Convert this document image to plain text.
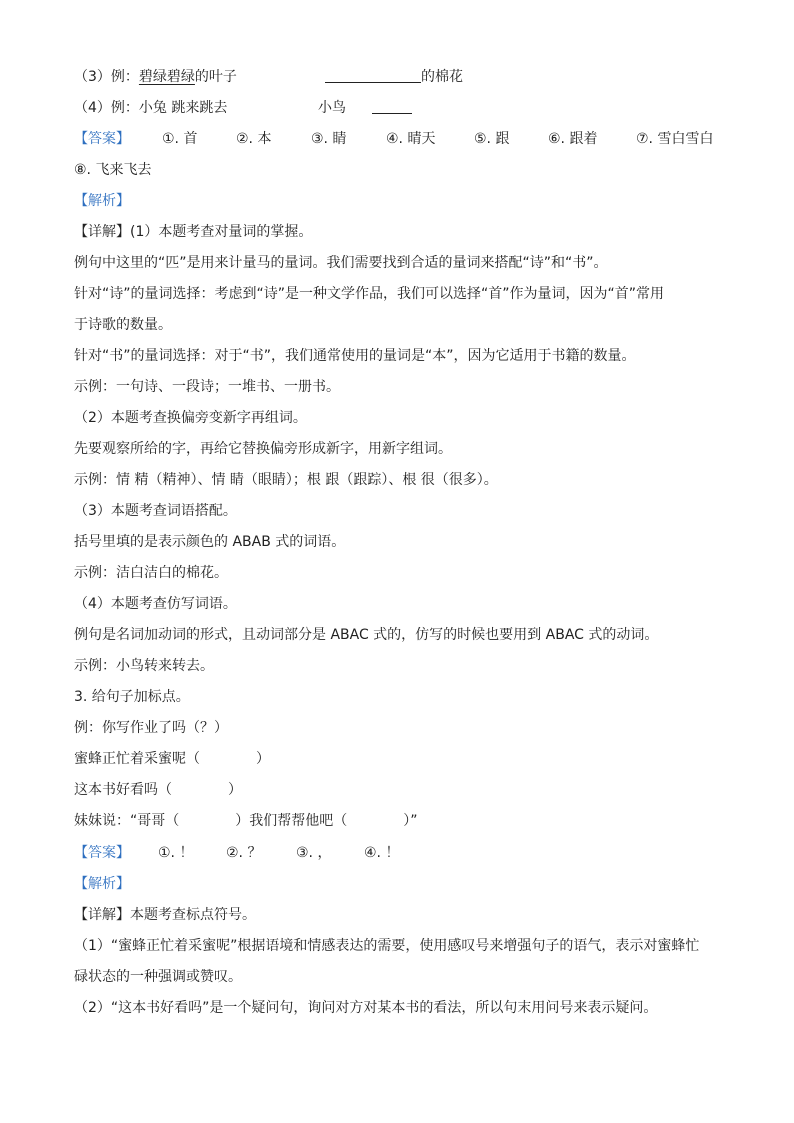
（3）例：碧绿碧绿的叶子	的棉花
（4）例：小兔 跳来跳去	小鸟
【答案】 ①. 首	②. 本	③. 睛	④. 晴天	⑤. 跟	⑥. 跟着	⑦. 雪白雪白
⑧. 飞来飞去
【解析】
【详解】(1）本题考查对量词的掌握。
例句中这里的“匹”是用来计量马的量词。我们需要找到合适的量词来搭配“诗”和“书”。
针对“诗”的量词选择：考虑到“诗”是一种文学作品，我们可以选择“首”作为量词，因为“首”常用
于诗歌的数量。
针对“书”的量词选择：对于“书”，我们通常使用的量词是“本”，因为它适用于书籍的数量。
示例：一句诗、一段诗；一堆书、一册书。
（2）本题考查换偏旁变新字再组词。
先要观察所给的字，再给它替换偏旁形成新字，用新字组词。
示例：情 精（精神）、情 睛（眼睛）；根 跟（跟踪）、根 很（很多）。
（3）本题考查词语搭配。
括号里填的是表示颜色的 ABAB 式的词语。
示例：洁白洁白的棉花。
（4）本题考查仿写词语。
例句是名词加动词的形式，且动词部分是 ABAC 式的，仿写的时候也要用到 ABAC 式的动词。
示例：小鸟转来转去。
3. 给句子加标点。
例：你写作业了吗（？）
蜜蜂正忙着采蜜呢（	）
这本书好看吗（	）
妹妹说：“哥哥（	）我们帮帮他吧（	）”
【答案】 ①. ！ ②. ？ ③. ， ④. ！
【解析】
【详解】本题考查标点符号。
（1）“蜜蜂正忙着采蜜呢”根据语境和情感表达的需要，使用感叹号来增强句子的语气，表示对蜜蜂忙
碌状态的一种强调或赞叹。
（2）“这本书好看吗”是一个疑问句，询问对方对某本书的看法，所以句末用问号来表示疑问。
